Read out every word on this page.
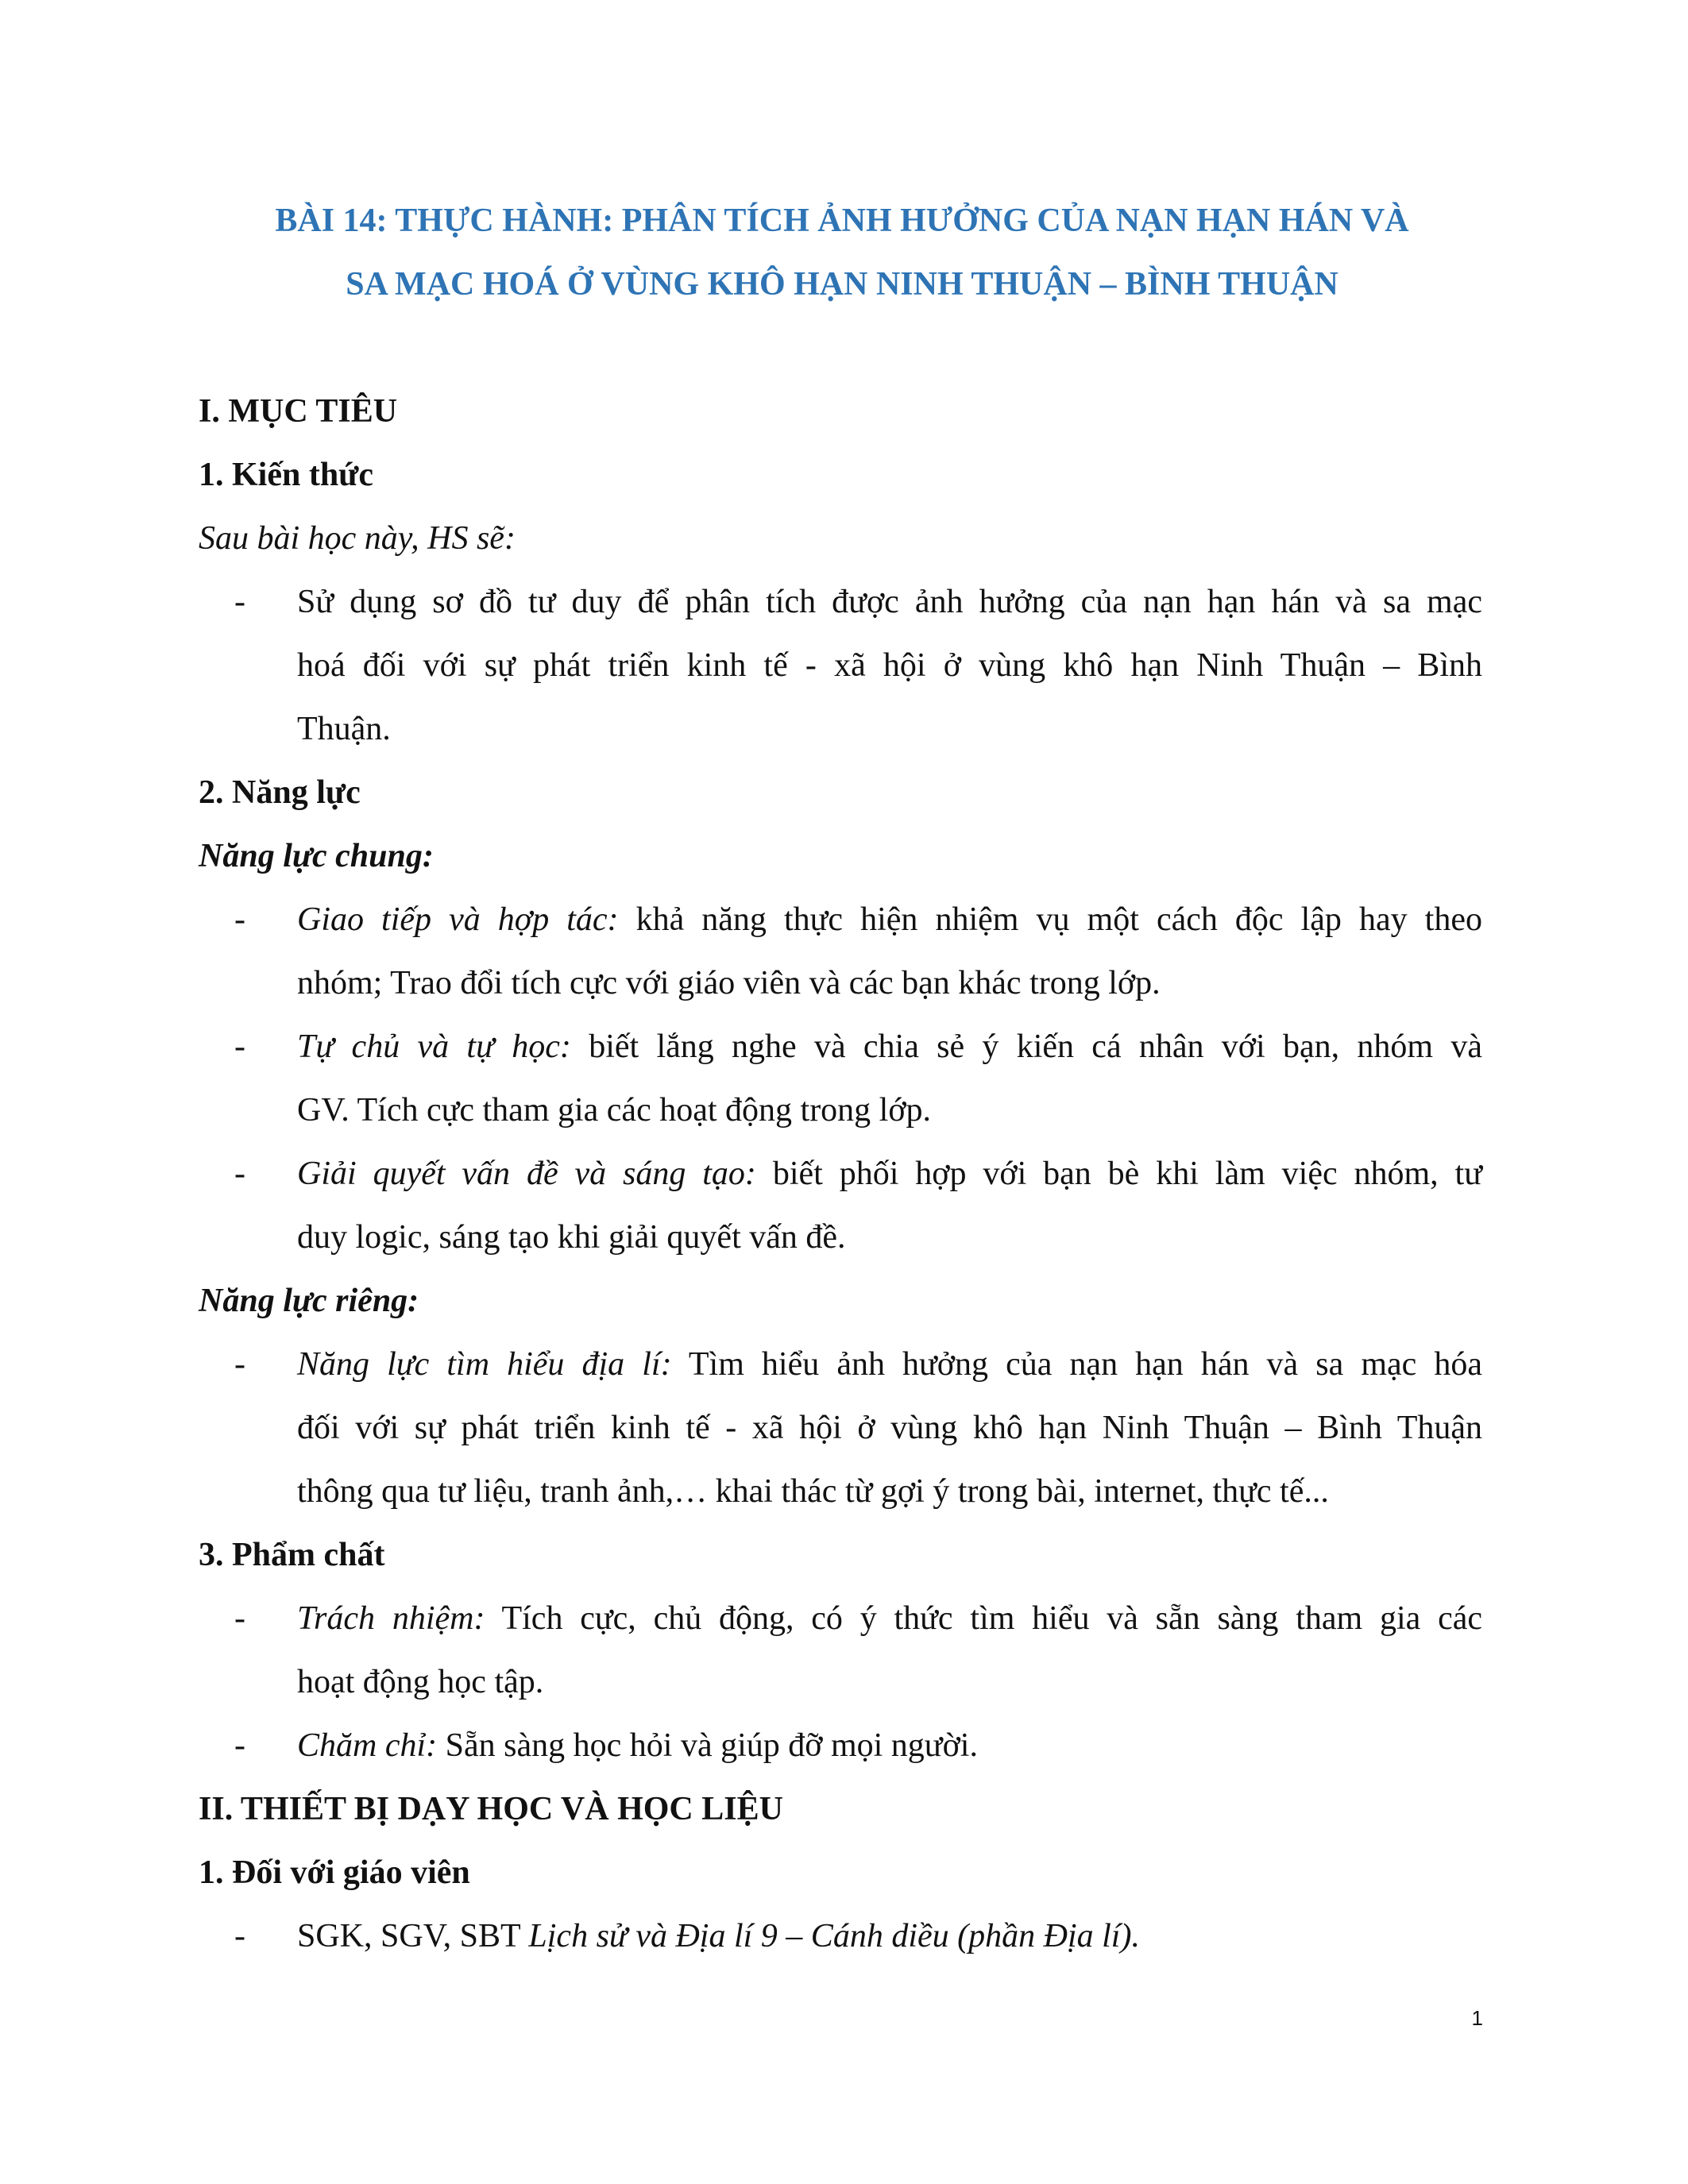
BÀI 14: THỰC HÀNH: PHÂN TÍCH ẢNH HƯỞNG CỦA NẠN HẠN HÁN VÀ
SA MẠC HOÁ Ở VÙNG KHÔ HẠN NINH THUẬN – BÌNH THUẬN
I. MỤC TIÊU
1. Kiến thức
Sau bài học này, HS sẽ:
- Sử dụng sơ đồ tư duy để phân tích được ảnh hưởng của nạn hạn hán và sa mạc
hoá đối với sự phát triển kinh tế - xã hội ở vùng khô hạn Ninh Thuận – Bình
Thuận.
2. Năng lực
Năng lực chung:
- Giao tiếp và hợp tác: khả năng thực hiện nhiệm vụ một cách độc lập hay theo
nhóm; Trao đổi tích cực với giáo viên và các bạn khác trong lớp.
- Tự chủ và tự học: biết lắng nghe và chia sẻ ý kiến cá nhân với bạn, nhóm và
GV. Tích cực tham gia các hoạt động trong lớp.
- Giải quyết vấn đề và sáng tạo: biết phối hợp với bạn bè khi làm việc nhóm, tư
duy logic, sáng tạo khi giải quyết vấn đề.
Năng lực riêng:
- Năng lực tìm hiểu địa lí: Tìm hiểu ảnh hưởng của nạn hạn hán và sa mạc hóa
đối với sự phát triển kinh tế - xã hội ở vùng khô hạn Ninh Thuận – Bình Thuận
thông qua tư liệu, tranh ảnh,… khai thác từ gợi ý trong bài, internet, thực tế...
3. Phẩm chất
- Trách nhiệm: Tích cực, chủ động, có ý thức tìm hiểu và sẵn sàng tham gia các
hoạt động học tập.
- Chăm chỉ: Sẵn sàng học hỏi và giúp đỡ mọi người.
II. THIẾT BỊ DẠY HỌC VÀ HỌC LIỆU
1. Đối với giáo viên
- SGK, SGV, SBT Lịch sử và Địa lí 9 – Cánh diều (phần Địa lí).
1
